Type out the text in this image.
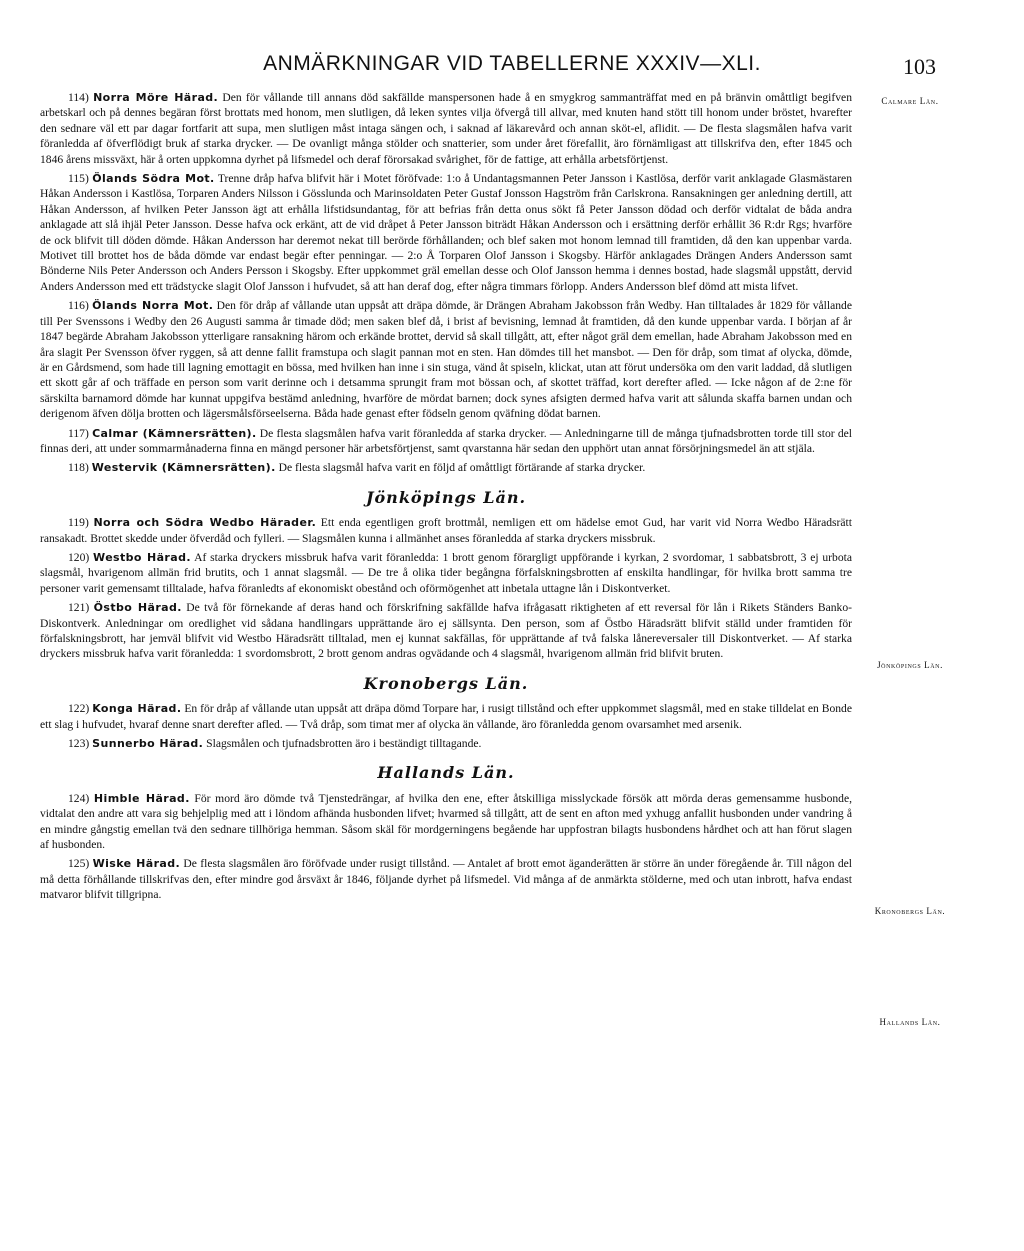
ANMÄRKNINGAR VID TABELLERNE XXXIV—XLI.	103
Calmare Län.
Jönköpings Län.
Kronobergs Län.
Hallands Län.

114) Norra Möre Härad. Den för vållande till annans död sakfällde manspersonen hade å en smygkrog sammanträffat med en på bränvin omåttligt begifven arbetskarl och på dennes begäran först brottats med honom, men slutligen, då leken syntes vilja öfvergå till allvar, med knuten hand stött till honom under bröstet, hvarefter den sednare väl ett par dagar fortfarit att supa, men slutligen måst intaga sängen och, i saknad af läkarevård och annan sköt-el, aflidit. — De flesta slagsmålen hafva varit föranledda af öfverflödigt bruk af starka drycker. — De ovanligt många stölder och snatterier, som under året förefallit, äro förnämligast att tillskrifva den, efter 1845 och 1846 årens missväxt, här å orten uppkomna dyrhet på lifsmedel och deraf förorsakad svårighet, för de fattige, att erhålla arbetsförtjenst.

115) Ölands Södra Mot. Trenne dråp hafva blifvit här i Motet föröfvade: 1:o å Undantagsmannen Peter Jansson i Kastlösa, derför varit anklagade Glasmästaren Håkan Andersson i Kastlösa, Torparen Anders Nilsson i Gösslunda och Marinsoldaten Peter Gustaf Jonsson Hagström från Carlskrona. Ransakningen ger anledning dertill, att Håkan Andersson, af hvilken Peter Jansson ägt att erhålla lifstidsundantag, för att befrias från detta onus sökt få Peter Jansson dödad och derför vidtalat de båda andra anklagade att slå ihjäl Peter Jansson. Desse hafva ock erkänt, att de vid dråpet å Peter Jansson biträdt Håkan Andersson och i ersättning derför erhållit 36 R:dr Rgs; hvarföre de ock blifvit till döden dömde. Håkan Andersson har deremot nekat till berörde förhållanden; och blef saken mot honom lemnad till framtiden, då den kan uppenbar varda. Motivet till brottet hos de båda dömde var endast begär efter penningar. — 2:o Å Torparen Olof Jansson i Skogsby. Härför anklagades Drängen Anders Andersson samt Bönderne Nils Peter Andersson och Anders Persson i Skogsby. Efter uppkommet gräl emellan desse och Olof Jansson hemma i dennes bostad, hade slagsmål uppstått, dervid Anders Andersson med ett trädstycke slagit Olof Jansson i hufvudet, så att han deraf dog, efter några timmars förlopp. Anders Andersson blef dömd att mista lifvet.

116) Ölands Norra Mot. Den för dråp af vållande utan uppsåt att dräpa dömde, är Drängen Abraham Jakobsson från Wedby. Han tilltalades år 1829 för vållande till Per Svenssons i Wedby den 26 Augusti samma år timade död; men saken blef då, i brist af bevisning, lemnad åt framtiden, då den kunde uppenbar varda. I början af år 1847 begärde Abraham Jakobsson ytterligare ransakning härom och erkände brottet, dervid så skall tillgått, att, efter något gräl dem emellan, hade Abraham Jakobsson med en åra slagit Per Svensson öfver ryggen, så att denne fallit framstupa och slagit pannan mot en sten. Han dömdes till het mansbot. — Den för dråp, som timat af olycka, dömde, är en Gårdsmend, som hade till lagning emottagit en bössa, med hvilken han inne i sin stuga, vänd åt spiseln, klickat, utan att förut undersöka om den varit laddad, då slutligen ett skott går af och träffade en person som varit derinne och i detsamma sprungit fram mot bössan och, af skottet träffad, kort derefter afled. — Icke någon af de 2:ne för särskilta barnamord dömde har kunnat uppgifva bestämd anledning, hvarföre de mördat barnen; dock synes afsigten dermed hafva varit att sålunda skaffa barnen undan och derigenom äfven dölja brotten och lägersmålsförseelserna. Båda hade genast efter födseln genom qväfning dödat barnen.

117) Calmar (Kämnersrätten). De flesta slagsmålen hafva varit föranledda af starka drycker. — Anledningarne till de många tjufnadsbrotten torde till stor del finnas deri, att under sommarmånaderna finna en mängd personer här arbetsförtjenst, samt qvarstanna här sedan den upphört utan annat försörjningsmedel än att stjäla.

118) Westervik (Kämnersrätten). De flesta slagsmål hafva varit en följd af omåttligt förtärande af starka drycker.

Jönköpings Län.

119) Norra och Södra Wedbo Härader. Ett enda egentligen groft brottmål, nemligen ett om hädelse emot Gud, har varit vid Norra Wedbo Häradsrätt ransakadt. Brottet skedde under öfverdåd och fylleri. — Slagsmålen kunna i allmänhet anses föranledda af starka dryckers missbruk.

120) Westbo Härad. Af starka dryckers missbruk hafva varit föranledda: 1 brott genom förargligt uppförande i kyrkan, 2 svordomar, 1 sabbatsbrott, 3 ej urbota slagsmål, hvarigenom allmän frid brutits, och 1 annat slagsmål. — De tre å olika tider begångna förfalskningsbrotten af enskilta handlingar, för hvilka brott samma tre personer varit gemensamt tilltalade, hafva föranledts af ekonomiskt obestånd och oförmögenhet att inbetala uttagne lån i Diskontverket.

121) Östbo Härad. De två för förnekande af deras hand och förskrifning sakfällde hafva ifrågasatt riktigheten af ett reversal för lån i Rikets Ständers Banko-Diskontverk. Anledningar om oredlighet vid sådana handlingars upprättande äro ej sällsynta. Den person, som af Östbo Häradsrätt blifvit ställd under framtiden för förfalskningsbrott, har jemväl blifvit vid Westbo Häradsrätt tilltalad, men ej kunnat sakfällas, för upprättande af två falska lånereversaler till Diskontverket. — Af starka dryckers missbruk hafva varit föranledda: 1 svordomsbrott, 2 brott genom andras ogvädande och 4 slagsmål, hvarigenom allmän frid blifvit bruten.

Kronobergs Län.

122) Konga Härad. En för dråp af vållande utan uppsåt att dräpa dömd Torpare har, i rusigt tillstånd och efter uppkommet slagsmål, med en stake tilldelat en Bonde ett slag i hufvudet, hvaraf denne snart derefter afled. — Två dråp, som timat mer af olycka än vållande, äro föranledda genom ovarsamhet med arsenik.

123) Sunnerbo Härad. Slagsmålen och tjufnadsbrotten äro i beständigt tilltagande.

Hallands Län.

124) Himble Härad. För mord äro dömde två Tjenstedrängar, af hvilka den ene, efter åtskilliga misslyckade försök att mörda deras gemensamme husbonde, vidtalat den andre att vara sig behjelplig med att i löndom afhända husbonden lifvet; hvarmed så tillgått, att de sent en afton med yxhugg anfallit husbonden under vandring å en mindre gångstig emellan tvä den sednare tillhöriga hemman. Såsom skäl för mordgerningens begående har uppfostran bilagts husbondens hårdhet och att han förut slagen af husbonden.

125) Wiske Härad. De flesta slagsmålen äro föröfvade under rusigt tillstånd. — Antalet af brott emot äganderätten är större än under föregående år. Till någon del må detta förhållande tillskrifvas den, efter mindre god årsväxt år 1846, följande dyrhet på lifsmedel. Vid många af de anmärkta stölderne, med och utan inbrott, hafva endast matvaror blifvit tillgripna.
